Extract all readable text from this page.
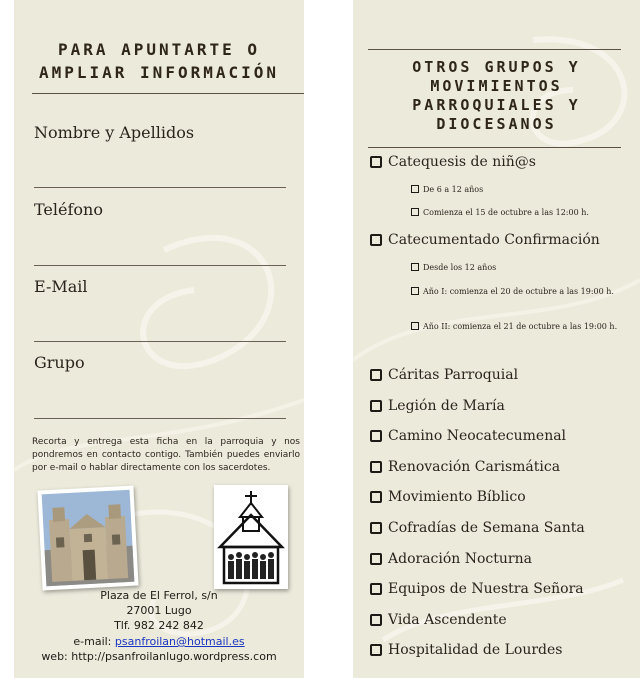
PARA APUNTARTE O
AMPLIAR INFORMACIÓN
Nombre y Apellidos
Teléfono
E-Mail
Grupo
Recorta y entrega esta ficha en la parroquia y nos pondremos en contacto contigo. También puedes enviarlo por e-mail o hablar directamente con los sacerdotes.
Plaza de El Ferrol, s/n
27001 Lugo
Tlf. 982 242 842
e-mail: psanfroilan@hotmail.es
web: http://psanfroilanlugo.wordpress.com
OTROS GRUPOS Y
MOVIMIENTOS
PARROQUIALES Y
DIOCESANOS
Catequesis de niñ@s
De 6 a 12 años
Comienza el 15 de octubre a las 12:00 h.
Catecumentado Confirmación
Desde los 12 años
Año I: comienza el 20 de octubre a las 19:00 h.
Año II: comienza el 21 de octubre a las 19:00 h.
Cáritas Parroquial
Legión de María
Camino Neocatecumenal
Renovación Carismática
Movimiento Bíblico
Cofradías de Semana Santa
Adoración Nocturna
Equipos de Nuestra Señora
Vida Ascendente
Hospitalidad de Lourdes
